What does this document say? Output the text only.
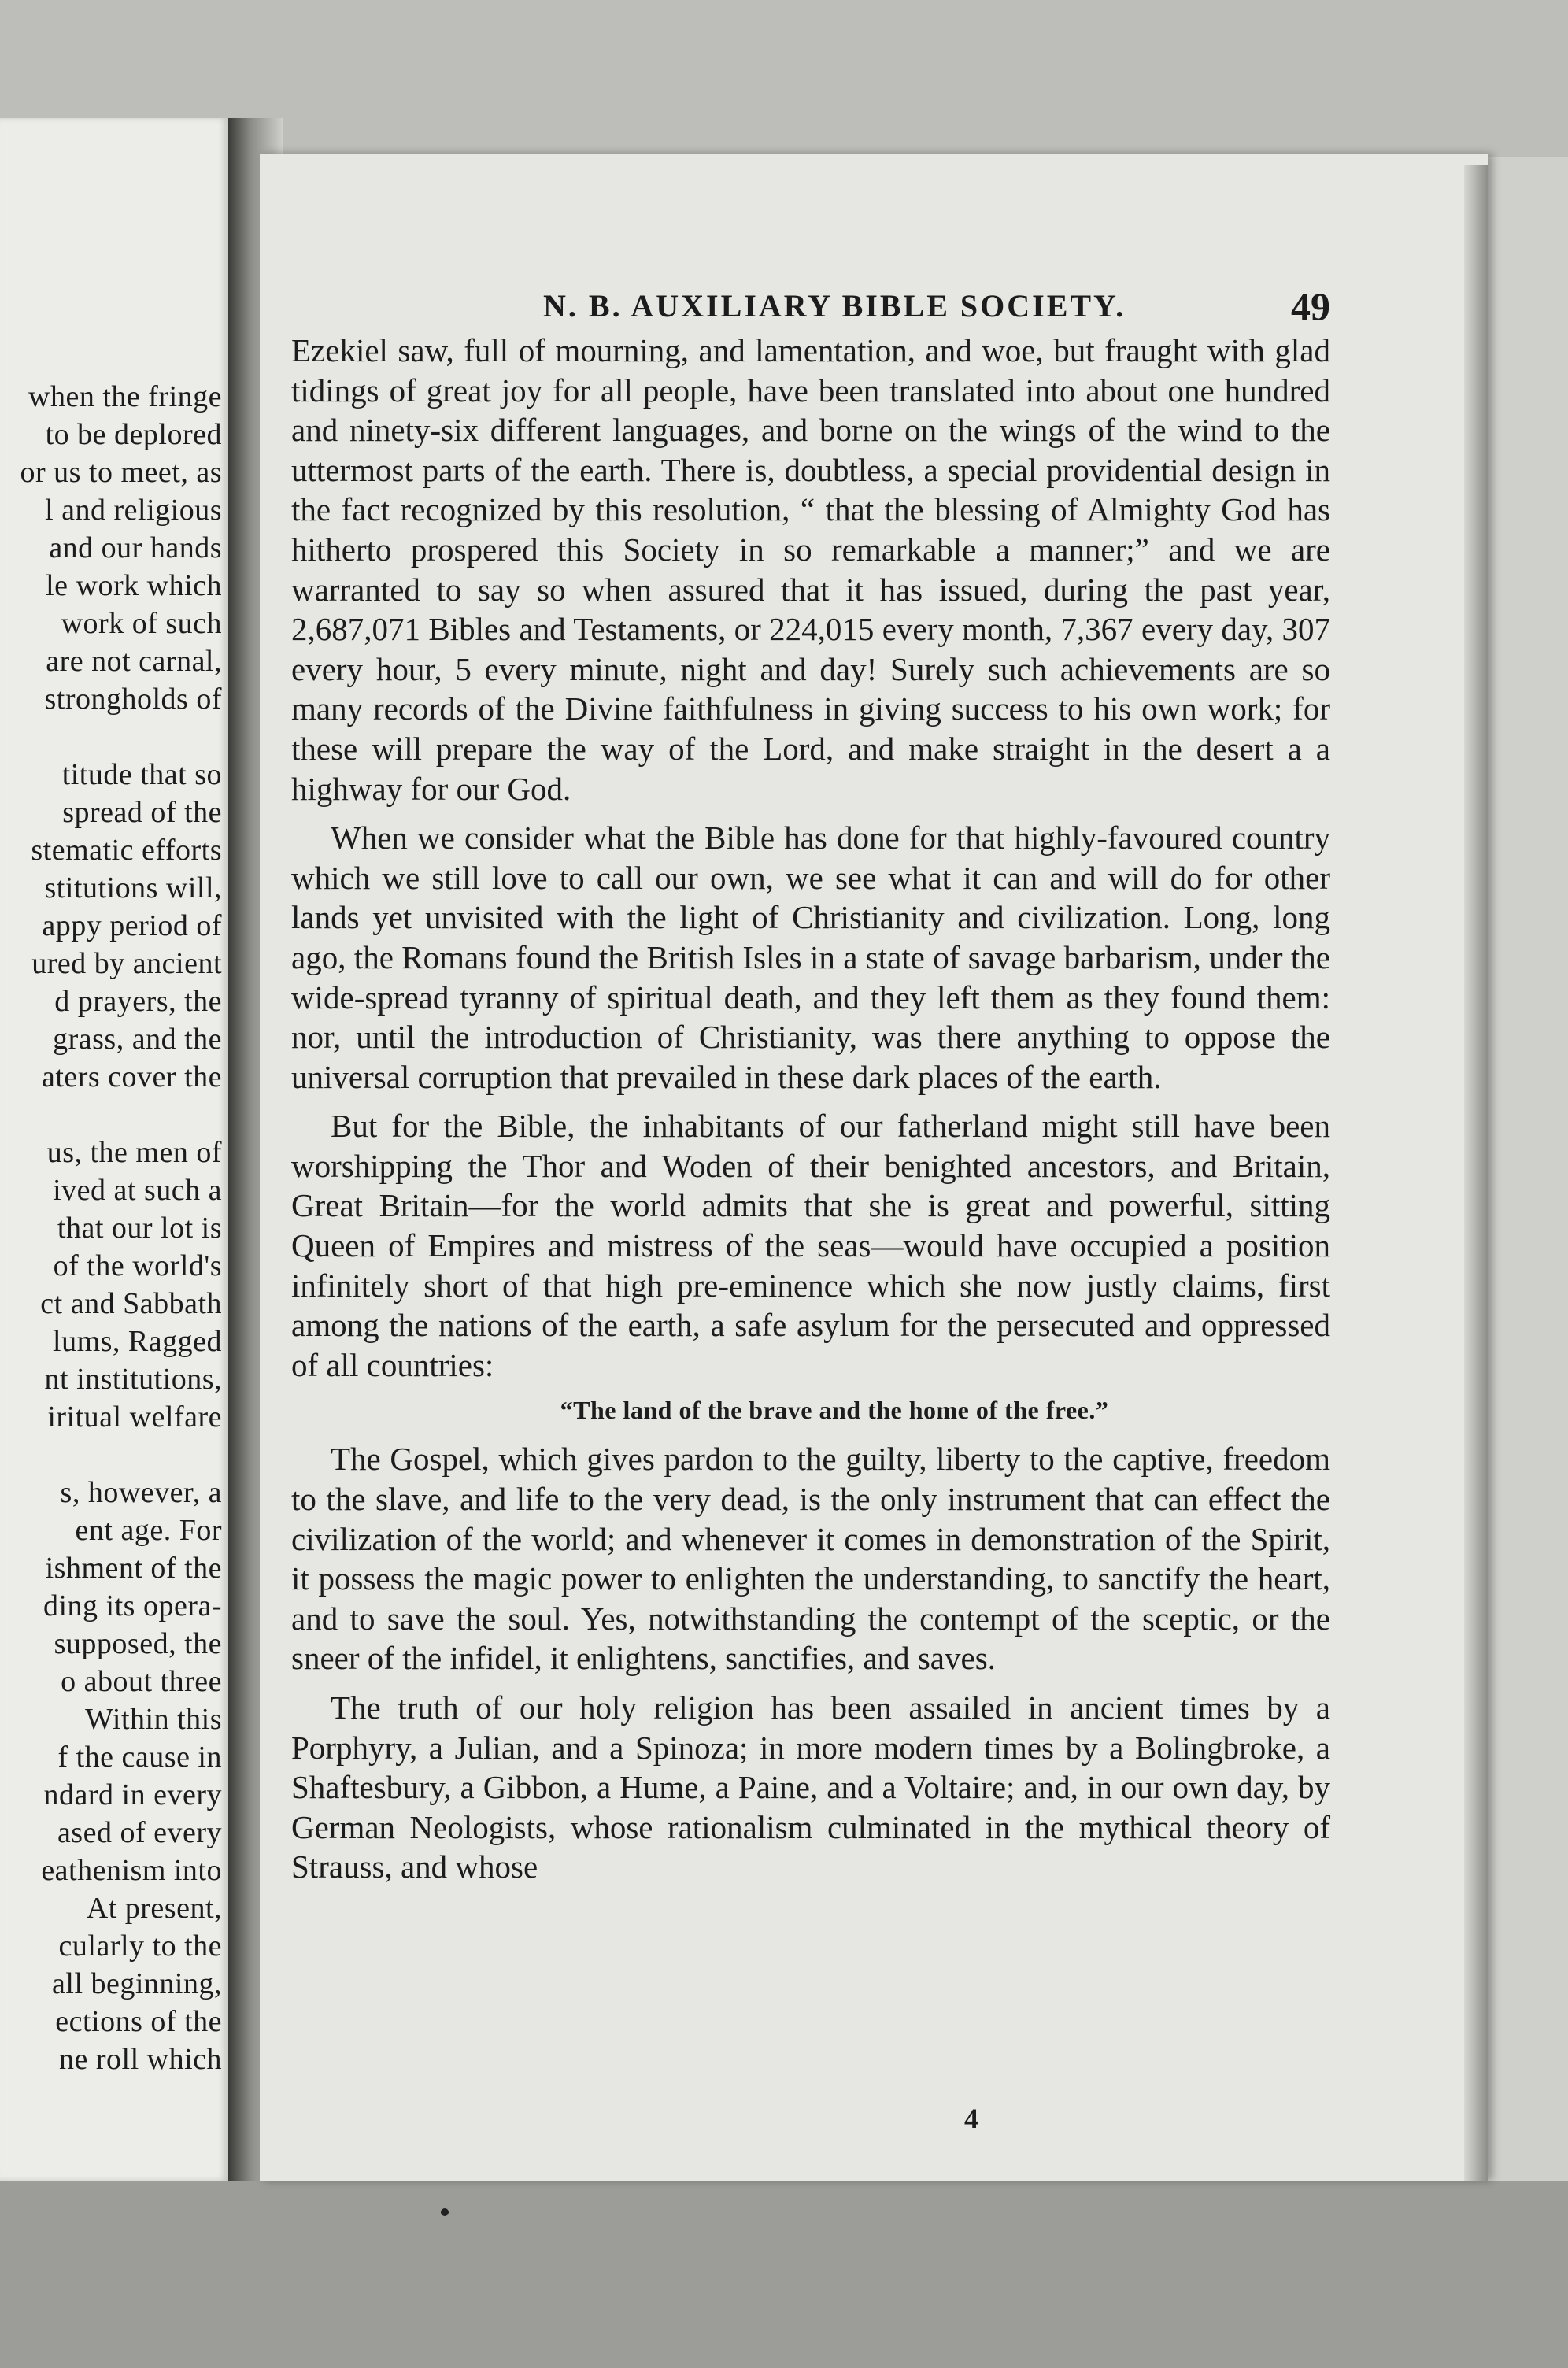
when the fringe
to be deplored
or us to meet, as
l and religious
and our hands
le work which
work of such
are not carnal,
strongholds of
titude that so
spread of the
stematic efforts
stitutions will,
appy period of
ured by ancient
d prayers, the
grass, and the
aters cover the
us, the men of
ived at such a
that our lot is
of the world's
ct and Sabbath
lums, Ragged
nt institutions,
iritual welfare
s, however, a
ent age. For
ishment of the
ding its opera-
supposed, the
o about three
Within this
f the cause in
ndard in every
ased of every
eathenism into
At present,
cularly to the
all beginning,
ections of the
ne roll which
N. B. AUXILIARY BIBLE SOCIETY.	49

Ezekiel saw, full of mourning, and lamentation, and woe, but fraught with glad tidings of great joy for all people, have been translated into about one hundred and ninety-six different languages, and borne on the wings of the wind to the uttermost parts of the earth. There is, doubtless, a special providential design in the fact recognized by this resolution, “ that the blessing of Almighty God has hitherto prospered this Society in so remarkable a manner;” and we are warranted to say so when assured that it has issued, during the past year, 2,687,071 Bibles and Testaments, or 224,015 every month, 7,367 every day, 307 every hour, 5 every minute, night and day! Surely such achievements are so many records of the Divine faithfulness in giving success to his own work; for these will prepare the way of the Lord, and make straight in the desert a a highway for our God.

When we consider what the Bible has done for that highly-favoured country which we still love to call our own, we see what it can and will do for other lands yet unvisited with the light of Christianity and civilization. Long, long ago, the Romans found the British Isles in a state of savage barbarism, under the wide-spread tyranny of spiritual death, and they left them as they found them: nor, until the introduction of Christianity, was there anything to oppose the universal corruption that prevailed in these dark places of the earth.

But for the Bible, the inhabitants of our fatherland might still have been worshipping the Thor and Woden of their benighted ancestors, and Britain, Great Britain—for the world admits that she is great and powerful, sitting Queen of Empires and mistress of the seas—would have occupied a position infinitely short of that high pre-eminence which she now justly claims, first among the nations of the earth, a safe asylum for the persecuted and oppressed of all countries:

“The land of the brave and the home of the free.”

The Gospel, which gives pardon to the guilty, liberty to the captive, freedom to the slave, and life to the very dead, is the only instrument that can effect the civilization of the world; and whenever it comes in demonstration of the Spirit, it possess the magic power to enlighten the understanding, to sanctify the heart, and to save the soul. Yes, notwithstanding the contempt of the sceptic, or the sneer of the infidel, it enlightens, sanctifies, and saves.

The truth of our holy religion has been assailed in ancient times by a Porphyry, a Julian, and a Spinoza; in more modern times by a Bolingbroke, a Shaftesbury, a Gibbon, a Hume, a Paine, and a Voltaire; and, in our own day, by German Neologists, whose rationalism culminated in the mythical theory of Strauss, and whose

4
